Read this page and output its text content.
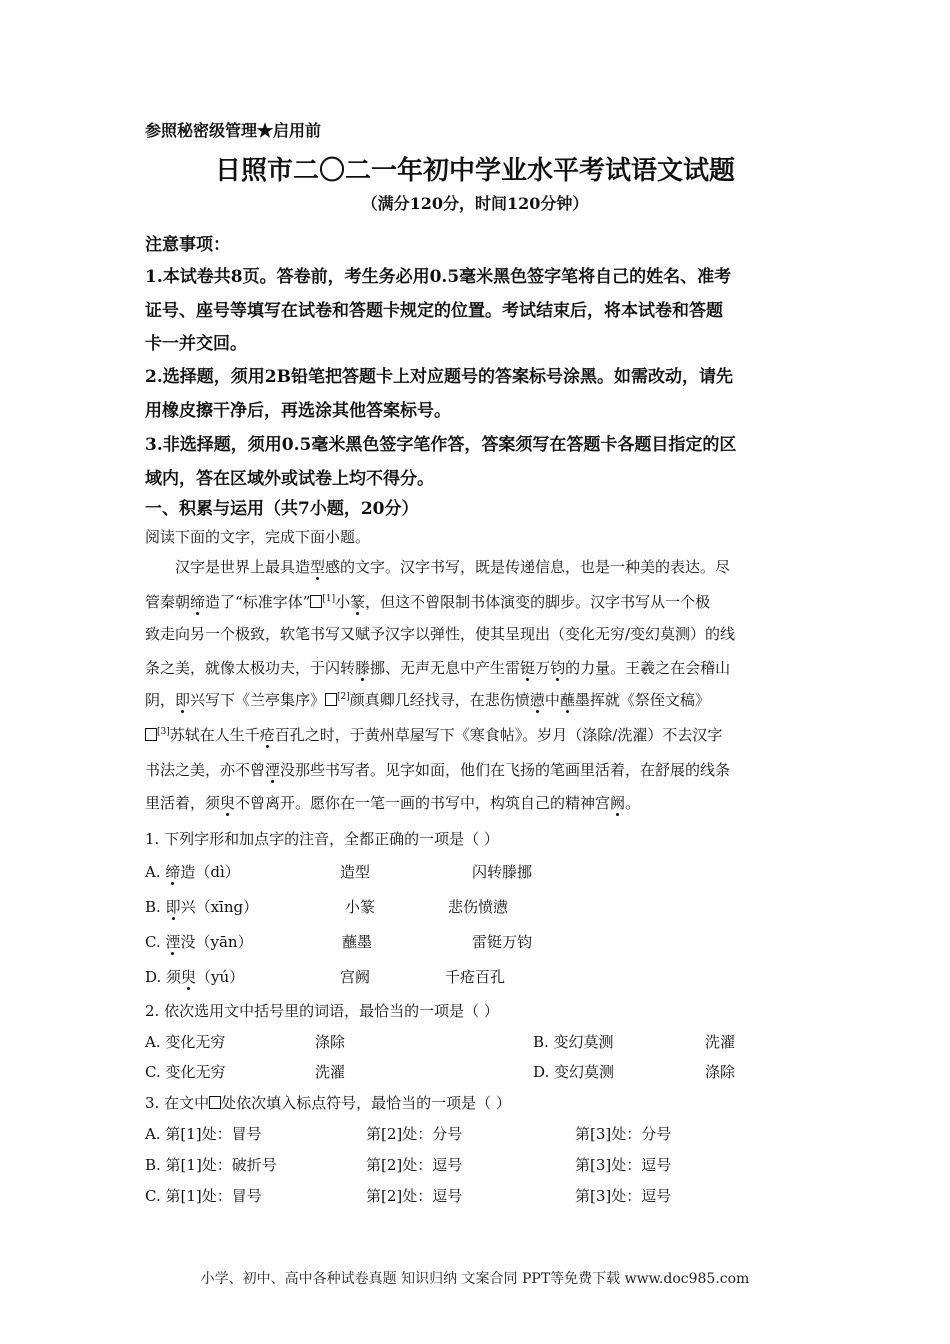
参照秘密级管理★启用前
日照市二〇二一年初中学业水平考试语文试题
（满分120分，时间120分钟）
注意事项：
1.本试卷共8页。答卷前，考生务必用0.5毫米黑色签字笔将自己的姓名、准考
证号、座号等填写在试卷和答题卡规定的位置。考试结束后，将本试卷和答题
卡一并交回。
2.选择题，须用2B铅笔把答题卡上对应题号的答案标号涂黑。如需改动，请先
用橡皮擦干净后，再选涂其他答案标号。
3.非选择题，须用0.5毫米黑色签字笔作答，答案须写在答题卡各题目指定的区
域内，答在区域外或试卷上均不得分。
一、积累与运用（共7小题，20分）
阅读下面的文字，完成下面小题。
汉字是世界上最具造型感的文字。汉字书写，既是传递信息，也是一种美的表达。尽
管秦朝缔造了“标准字体” [1]小篆，但这不曾限制书体演变的脚步。汉字书写从一个极
致走向另一个极致，软笔书写又赋予汉字以弹性，使其呈现出（变化无穷/变幻莫测）的线
条之美，就像太极功夫，于闪转滕挪、无声无息中产生雷铤万钧的力量。王羲之在会稽山
阴，即兴写下《兰亭集序》 [2]颜真卿几经找寻，在悲伤愤懑中蘸墨挥就《祭侄文稿》
[3]苏轼在人生千疮百孔之时，于黄州草屋写下《寒食帖》。岁月（涤除/洗濯）不去汉字
书法之美，亦不曾湮没那些书写者。见字如面，他们在飞扬的笔画里活着，在舒展的线条
里活着，须臾不曾离开。愿你在一笔一画的书写中，构筑自己的精神宫阙。
1. 下列字形和加点字的注音，全都正确的一项是（ ）
A. 缔造（dì）	造型	闪转滕挪
B. 即兴（xīng）	小篆	悲伤愤懑
C. 湮没（yān）	蘸墨	雷铤万钧
D. 须臾（yú）	宫阙	千疮百孔
2. 依次选用文中括号里的词语，最恰当的一项是（ ）
A. 变化无穷	涤除	B. 变幻莫测	洗濯
C. 变化无穷	洗濯	D. 变幻莫测	涤除
3. 在文中 处依次填入标点符号，最恰当的一项是（ ）
A. 第[1]处：冒号	第[2]处：分号	第[3]处：分号
B. 第[1]处：破折号	第[2]处：逗号	第[3]处：逗号
C. 第[1]处：冒号	第[2]处：逗号	第[3]处：逗号
小学、初中、高中各种试卷真题 知识归纳 文案合同 PPT等免费下载 www.doc985.com
